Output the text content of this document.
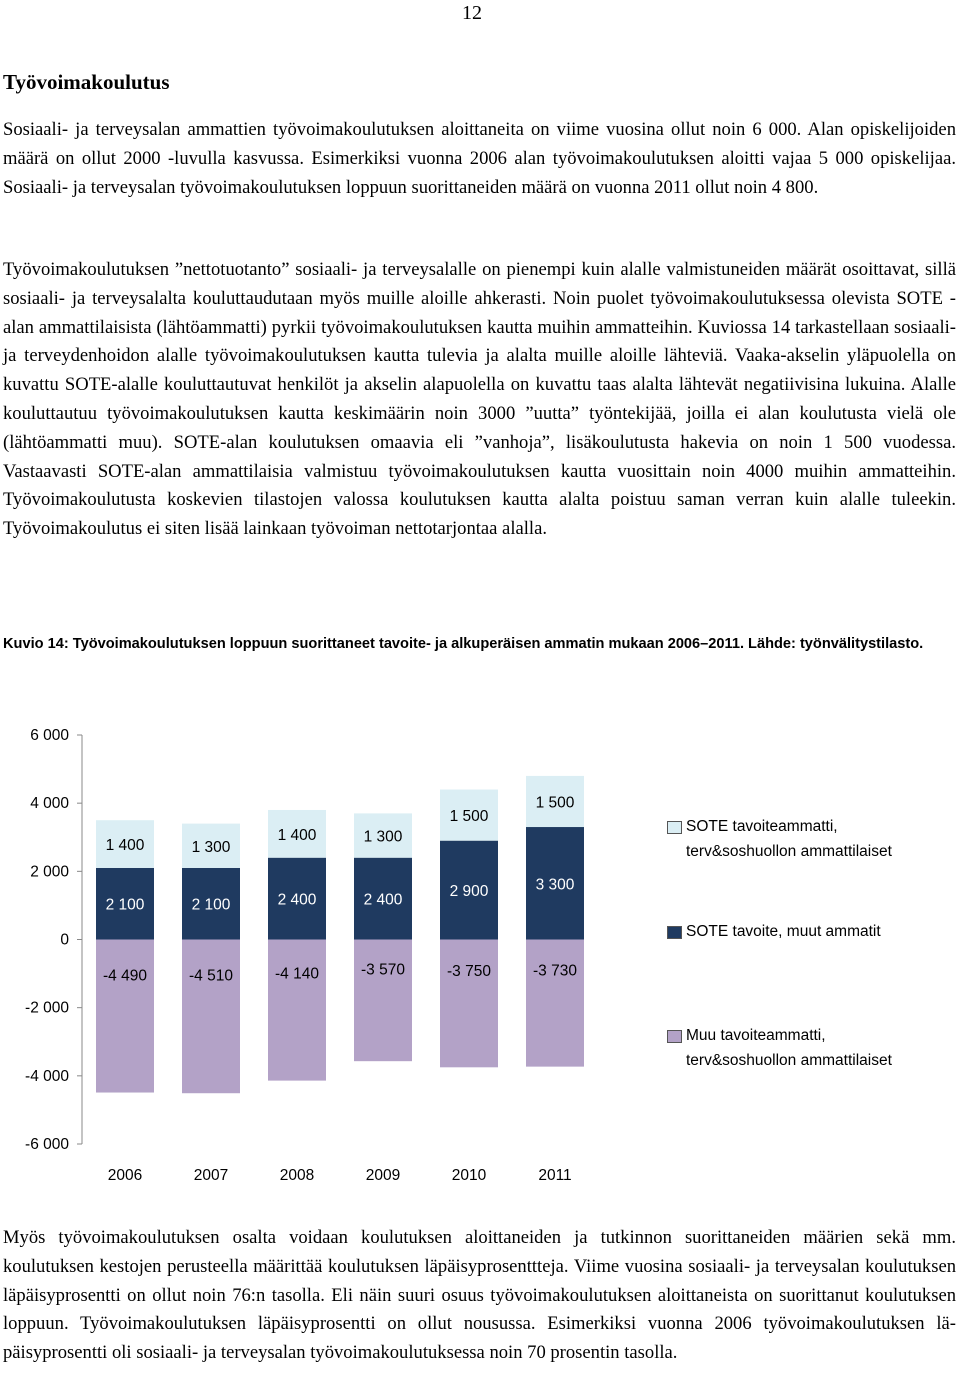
12
Työvoimakoulutus

Sosiaali- ja terveysalan ammattien työvoimakoulutuksen aloittaneita on viime vuosina ollut noin 6 000. Alan opiskelijoiden määrä on ollut 2000 -luvulla kasvussa. Esimerkiksi vuonna 2006 alan työvoimakoulutuksen aloitti vajaa 5 000 opiskelijaa. Sosiaali- ja terveysalan työvoimakoulutuksen loppuun suorittaneiden määrä on vuonna 2011 ollut noin 4 800.

Työvoimakoulutuksen ”nettotuotanto” sosiaali- ja terveysalalle on pienempi kuin alalle valmistuneiden määrät osoittavat, sillä sosiaali- ja terveysalalta kouluttaudutaan myös muille aloille ahkerasti. Noin puolet työvoimakoulutuksessa olevista SOTE -alan ammattilaisista (lähtöammatti) pyrkii työvoimakoulutuksen kautta muihin ammatteihin. Kuviossa 14 tarkastellaan sosiaali- ja terveydenhoidon alalle työvoimakoulutuksen kautta tulevia ja alalta muille aloille lähteviä. Vaaka-akselin yläpuolella on kuvattu SOTE-alalle kouluttautuvat henkilöt ja akselin alapuolella on kuvattu taas alalta lähtevät negatiivisina lukuina. Alalle kouluttautuu työvoimakoulutuksen kautta keskimäärin noin 3000 ”uutta” työntekijää, joilla ei alan koulutusta vielä ole (lähtöammatti muu). SOTE-alan koulutuksen omaavia eli ”vanhoja”, lisäkoulutusta hakevia on noin 1 500 vuodessa. Vastaavasti SOTE-alan ammattilaisia valmistuu työvoimakoulutuksen kautta vuosittain noin 4000 muihin ammatteihin. Työvoimakoulutusta koskevien tilastojen valossa koulutuksen kautta alalta poistuu saman verran kuin alalle tuleekin. Työvoimakoulutus ei siten lisää lainkaan työvoiman nettotarjontaa alalla.

Kuvio 14: Työvoimakoulutuksen loppuun suorittaneet tavoite- ja alkuperäisen ammatin mukaan 2006–2011. Lähde: työnvälitystilasto.

6 000
4 000
2 000
0
-2 000
-4 000
-6 000
2 100
1 400
-4 490
2006
2 100
1 300
-4 510
2007
2 400
1 400
-4 140
2008
2 400
1 300
-3 570
2009
2 900
1 500
-3 750
2010
3 300
1 500
-3 730
2011

SOTE tavoiteammatti, terv&soshuollon ammattilaiset

SOTE tavoite, muut ammatit

Muu tavoiteammatti, terv&soshuollon ammattilaiset

Myös työvoimakoulutuksen osalta voidaan koulutuksen aloittaneiden ja tutkinnon suorittaneiden määrien sekä mm. koulutuksen kestojen perusteella määrittää koulutuksen läpäisyprosenttteja. Viime vuosina sosiaali- ja terveysalan koulutuksen läpäisyprosentti on ollut noin 76:n tasolla. Eli näin suuri osuus työvoimakoulutuksen aloittaneista on suorittanut koulutuksen loppuun. Työvoimakoulutuksen läpäisyprosentti on ollut nousussa. Esimerkiksi vuonna 2006 työvoimakoulutuksen läpäisyprosentti oli sosiaali- ja terveysalan työvoimakoulutuksessa noin 70 prosentin tasolla.
